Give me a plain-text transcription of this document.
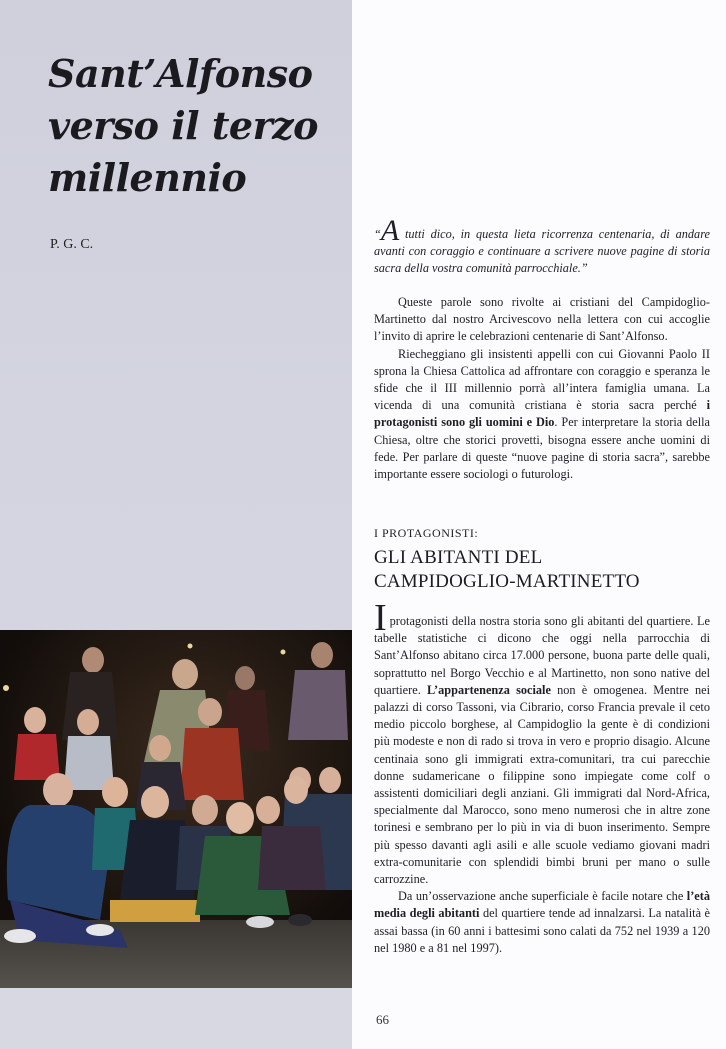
Sant’Alfonso
verso il terzo
millennio
P. G. C.

“A tutti dico, in questa lieta ricorrenza centenaria, di andare avanti con coraggio e continuare a scrivere nuove pagine di storia sacra della vostra comunità parrocchiale.”

Queste parole sono rivolte ai cristiani del Campidoglio-Martinetto dal nostro Arcivescovo nella lettera con cui accoglie l’invito di aprire le celebrazioni centenarie di Sant’Alfonso.

Riecheggiano gli insistenti appelli con cui Giovanni Paolo II sprona la Chiesa Cattolica ad affrontare con coraggio e speranza le sfide che il III millennio porrà all’intera famiglia umana. La vicenda di una comunità cristiana è storia sacra perché i protagonisti sono gli uomini e Dio. Per interpretare la storia della Chiesa, oltre che storici provetti, bisogna essere anche uomini di fede. Per parlare di queste “nuove pagine di storia sacra”, sarebbe importante essere sociologi o futurologi.

I PROTAGONISTI:
GLI ABITANTI DEL
CAMPIDOGLIO-MARTINETTO

Iprotagonisti della nostra storia sono gli abitanti del quartiere. Le tabelle statistiche ci dicono che oggi nella parrocchia di Sant’Alfonso abitano circa 17.000 persone, buona parte delle quali, soprattutto nel Borgo Vecchio e al Martinetto, non sono native del quartiere. L’appartenenza sociale non è omogenea. Mentre nei palazzi di corso Tassoni, via Cibrario, corso Francia prevale il ceto medio piccolo borghese, al Campidoglio la gente è di condizioni più modeste e non di rado si trova in vero e proprio disagio. Alcune centinaia sono gli immigrati extra-comunitari, tra cui parecchie donne sudamericane o filippine sono impiegate come colf o assistenti domiciliari degli anziani. Gli immigrati dal Nord-Africa, specialmente dal Marocco, sono meno numerosi che in altre zone torinesi e sembrano per lo più in via di buon inserimento. Sempre più spesso davanti agli asili e alle scuole vediamo giovani madri extra-comunitarie con splendidi bimbi bruni per mano o sulle carrozzine.

Da un’osservazione anche superficiale è facile notare che l’età media degli abitanti del quartiere tende ad innalzarsi. La natalità è assai bassa (in 60 anni i battesimi sono calati da 752 nel 1939 a 120 nel 1980 e a 81 nel 1997).

66
